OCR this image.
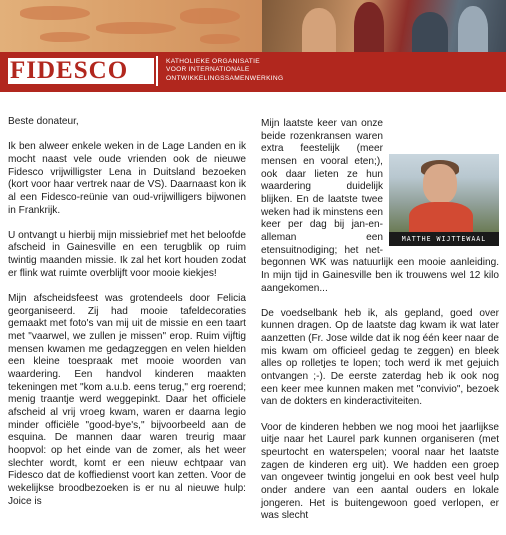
FIDESCO	KATHOLIEKE ORGANISATIE
VOOR INTERNATIONALE
ONTWIKKELINGSSAMENWERKING

Beste donateur,

Ik ben alweer enkele weken in de Lage Landen en ik mocht naast vele oude vrienden ook de nieuwe Fidesco vrijwilligster Lena in Duitsland bezoeken (kort voor haar vertrek naar de VS). Daarnaast kon ik al een Fidesco-reünie van oud-vrijwilligers bijwonen in Frankrijk.

U ontvangt u hierbij mijn missiebrief met het beloofde afscheid in Gainesville en een terugblik op ruim twintig maanden missie. Ik zal het kort houden zodat er flink wat ruimte overblijft voor mooie kiekjes!

Mijn afscheidsfeest was grotendeels door Felicia georganiseerd. Zij had mooie tafeldecoraties gemaakt met foto's van mij uit de missie en een taart met "vaarwel, we zullen je missen" erop. Ruim vijftig mensen kwamen me gedagzeggen en velen hielden een kleine toespraak met mooie woorden van waardering. Een handvol kinderen maakten tekeningen met "kom a.u.b. eens terug," erg roerend; menig traantje werd weggepinkt. Daar het officiele afscheid al vrij vroeg kwam, waren er daarna legio minder officiële "good-bye's," bijvoorbeeld aan de esquina. De mannen daar waren treurig maar hoopvol: op het einde van de zomer, als het weer slechter wordt, komt er een nieuw echtpaar van Fidesco dat de koffiedienst voort kan zetten. Voor de wekelijkse broodbezoeken is er nu al nieuwe hulp: Joice is

MATTHE WIJTTEWAAL
Mijn laatste keer van onze beide rozenkransen waren extra feestelijk (meer mensen en vooral eten;), ook daar lieten ze hun waardering duidelijk blijken. En de laatste twee weken had ik minstens een keer per dag bij jan-en-alleman een etensuitnodiging; het net-begonnen WK was natuurlijk een mooie aanleiding. In mijn tijd in Gainesville ben ik trouwens wel 12 kilo aangekomen...

De voedselbank heb ik, als gepland, goed over kunnen dragen. Op de laatste dag kwam ik wat later aanzetten (Fr. Jose wilde dat ik nog één keer naar de mis kwam om officieel gedag te zeggen) en bleek alles op rolletjes te lopen; toch werd ik met gejuich ontvangen ;-). De eerste zaterdag heb ik ook nog een keer mee kunnen maken met "convivio", bezoek van de dokters en kinderactiviteiten.

Voor de kinderen hebben we nog mooi het jaarlijkse uitje naar het Laurel park kunnen organiseren (met speurtocht en waterspelen; vooral naar het laatste zagen de kinderen erg uit). We hadden een groep van ongeveer twintig jongelui en ook best veel hulp onder andere van een aantal ouders en lokale jongeren. Het is buitengewoon goed verlopen, er was slecht
